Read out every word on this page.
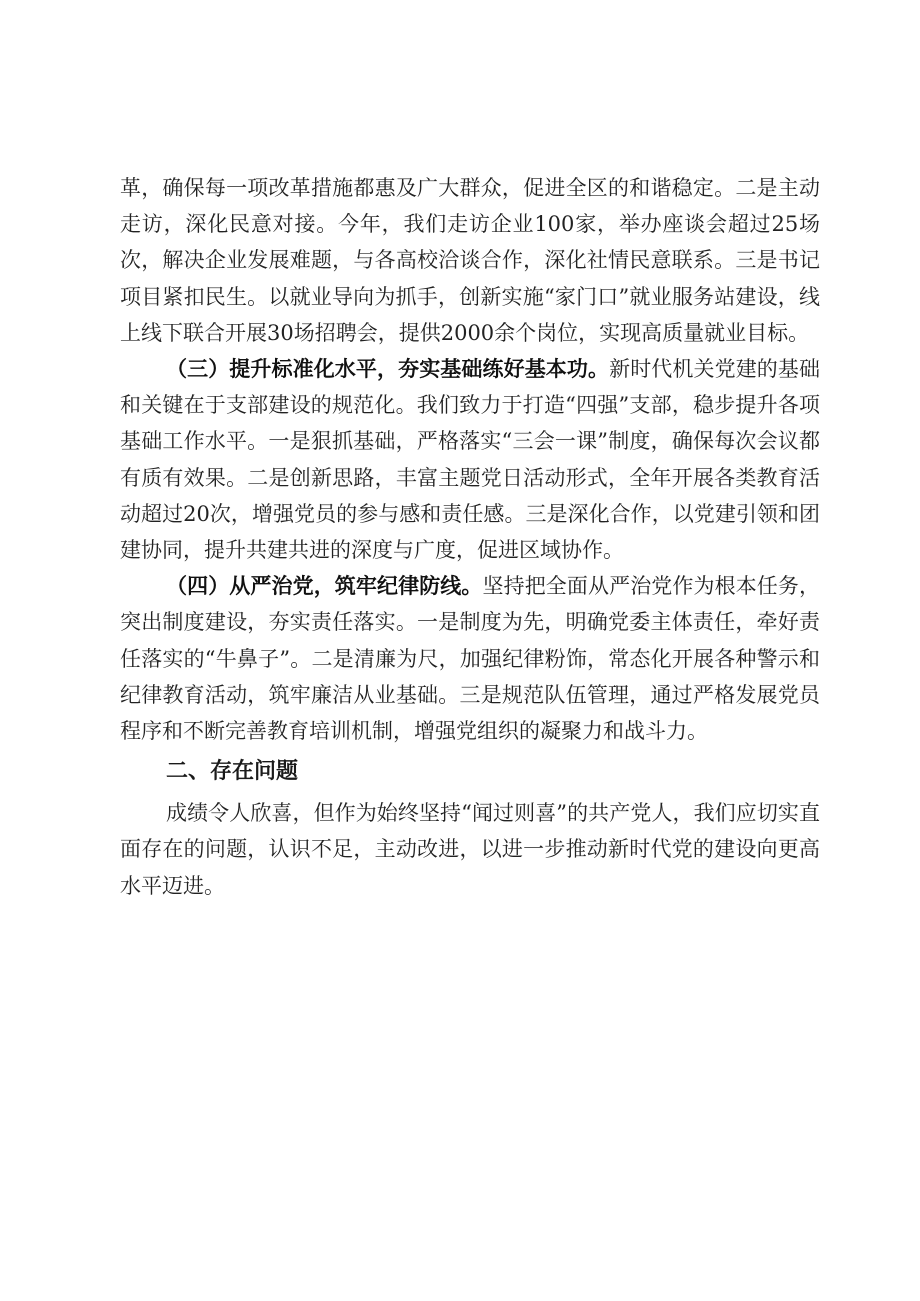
革，确保每一项改革措施都惠及广大群众，促进全区的和谐稳定。二是主动走访，深化民意对接。今年，我们走访企业100家，举办座谈会超过25场次，解决企业发展难题，与各高校洽谈合作，深化社情民意联系。三是书记项目紧扣民生。以就业导向为抓手，创新实施“家门口”就业服务站建设，线上线下联合开展30场招聘会，提供2000余个岗位，实现高质量就业目标。

（三）提升标准化水平，夯实基础练好基本功。新时代机关党建的基础和关键在于支部建设的规范化。我们致力于打造“四强”支部，稳步提升各项基础工作水平。一是狠抓基础，严格落实“三会一课”制度，确保每次会议都有质有效果。二是创新思路，丰富主题党日活动形式，全年开展各类教育活动超过20次，增强党员的参与感和责任感。三是深化合作，以党建引领和团建协同，提升共建共进的深度与广度，促进区域协作。

（四）从严治党，筑牢纪律防线。坚持把全面从严治党作为根本任务，突出制度建设，夯实责任落实。一是制度为先，明确党委主体责任，牵好责任落实的“牛鼻子”。二是清廉为尺，加强纪律粉饰，常态化开展各种警示和纪律教育活动，筑牢廉洁从业基础。三是规范队伍管理，通过严格发展党员程序和不断完善教育培训机制，增强党组织的凝聚力和战斗力。

二、存在问题

成绩令人欣喜，但作为始终坚持“闻过则喜”的共产党人，我们应切实直面存在的问题，认识不足，主动改进，以进一步推动新时代党的建设向更高水平迈进。
